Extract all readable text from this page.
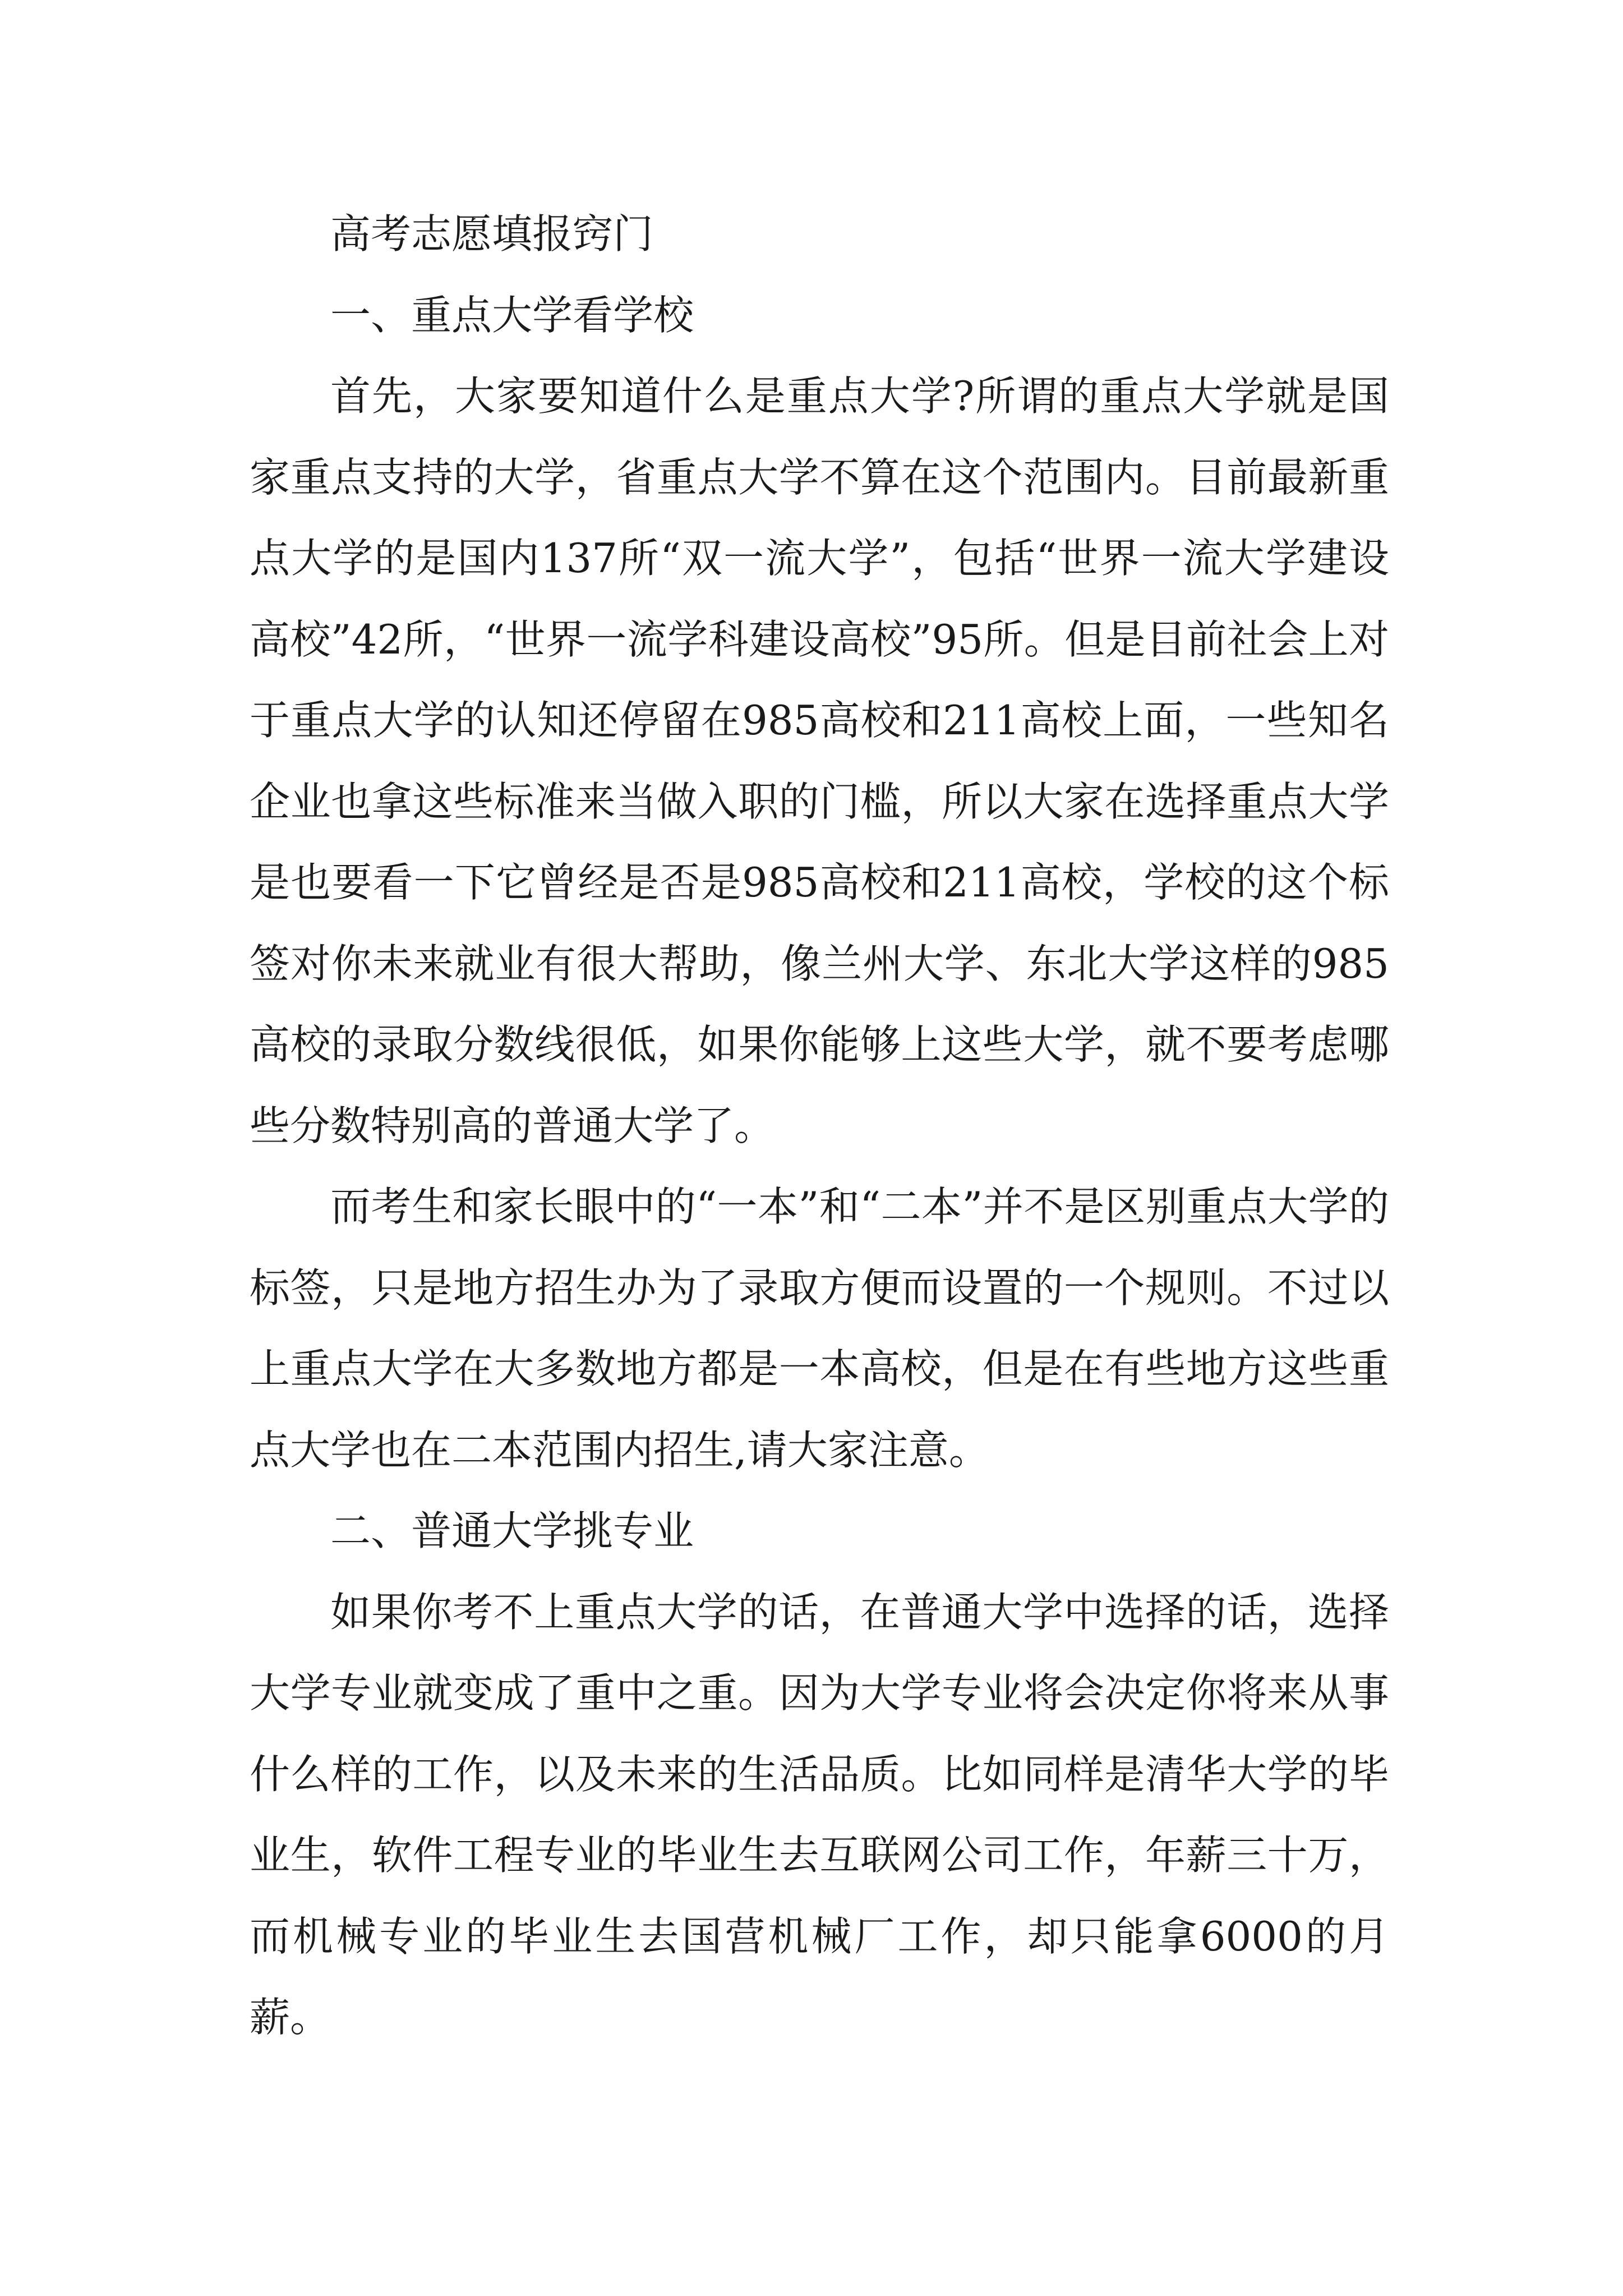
高考志愿填报窍门

一、重点大学看学校

首先，大家要知道什么是重点大学?所谓的重点大学就是国家重点支持的大学，省重点大学不算在这个范围内。目前最新重点大学的是国内137所“双一流大学”，包括“世界一流大学建设高校”42所，“世界一流学科建设高校”95所。但是目前社会上对于重点大学的认知还停留在985高校和211高校上面，一些知名企业也拿这些标准来当做入职的门槛，所以大家在选择重点大学是也要看一下它曾经是否是985高校和211高校，学校的这个标签对你未来就业有很大帮助，像兰州大学、东北大学这样的985高校的录取分数线很低，如果你能够上这些大学，就不要考虑哪些分数特别高的普通大学了。

而考生和家长眼中的“一本”和“二本”并不是区别重点大学的标签，只是地方招生办为了录取方便而设置的一个规则。不过以上重点大学在大多数地方都是一本高校，但是在有些地方这些重点大学也在二本范围内招生,请大家注意。

二、普通大学挑专业

如果你考不上重点大学的话，在普通大学中选择的话，选择大学专业就变成了重中之重。因为大学专业将会决定你将来从事什么样的工作，以及未来的生活品质。比如同样是清华大学的毕业生，软件工程专业的毕业生去互联网公司工作，年薪三十万，而机械专业的毕业生去国营机械厂工作，却只能拿6000的月薪。
